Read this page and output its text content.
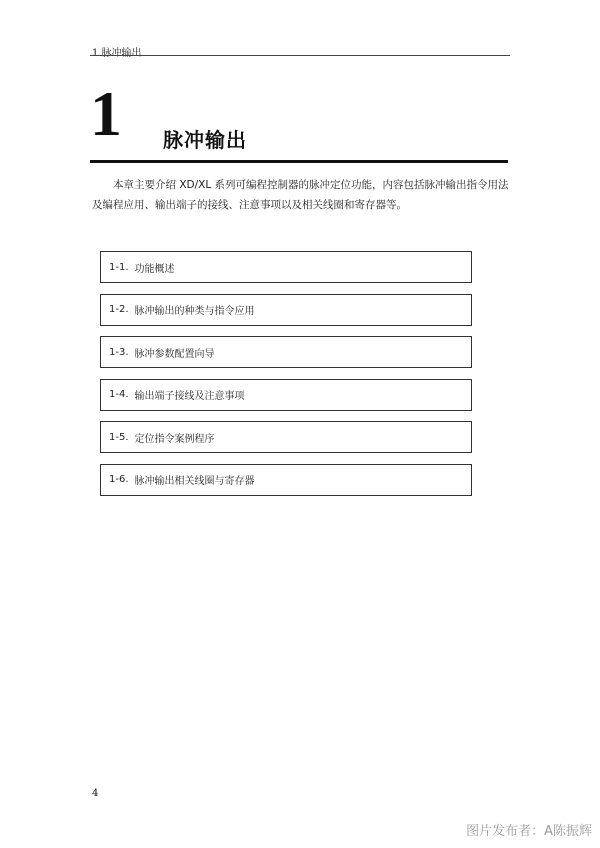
1 脉冲输出
1 脉冲输出

本章主要介绍 XD/XL 系列可编程控制器的脉冲定位功能，内容包括脉冲输出指令用法及编程应用、输出端子的接线、注意事项以及相关线圈和寄存器等。

1-1. 功能概述
1-2. 脉冲输出的种类与指令应用
1-3. 脉冲参数配置向导
1-4. 输出端子接线及注意事项
1-5. 定位指令案例程序
1-6. 脉冲输出相关线圈与寄存器
4
图片发布者：A陈振辉
